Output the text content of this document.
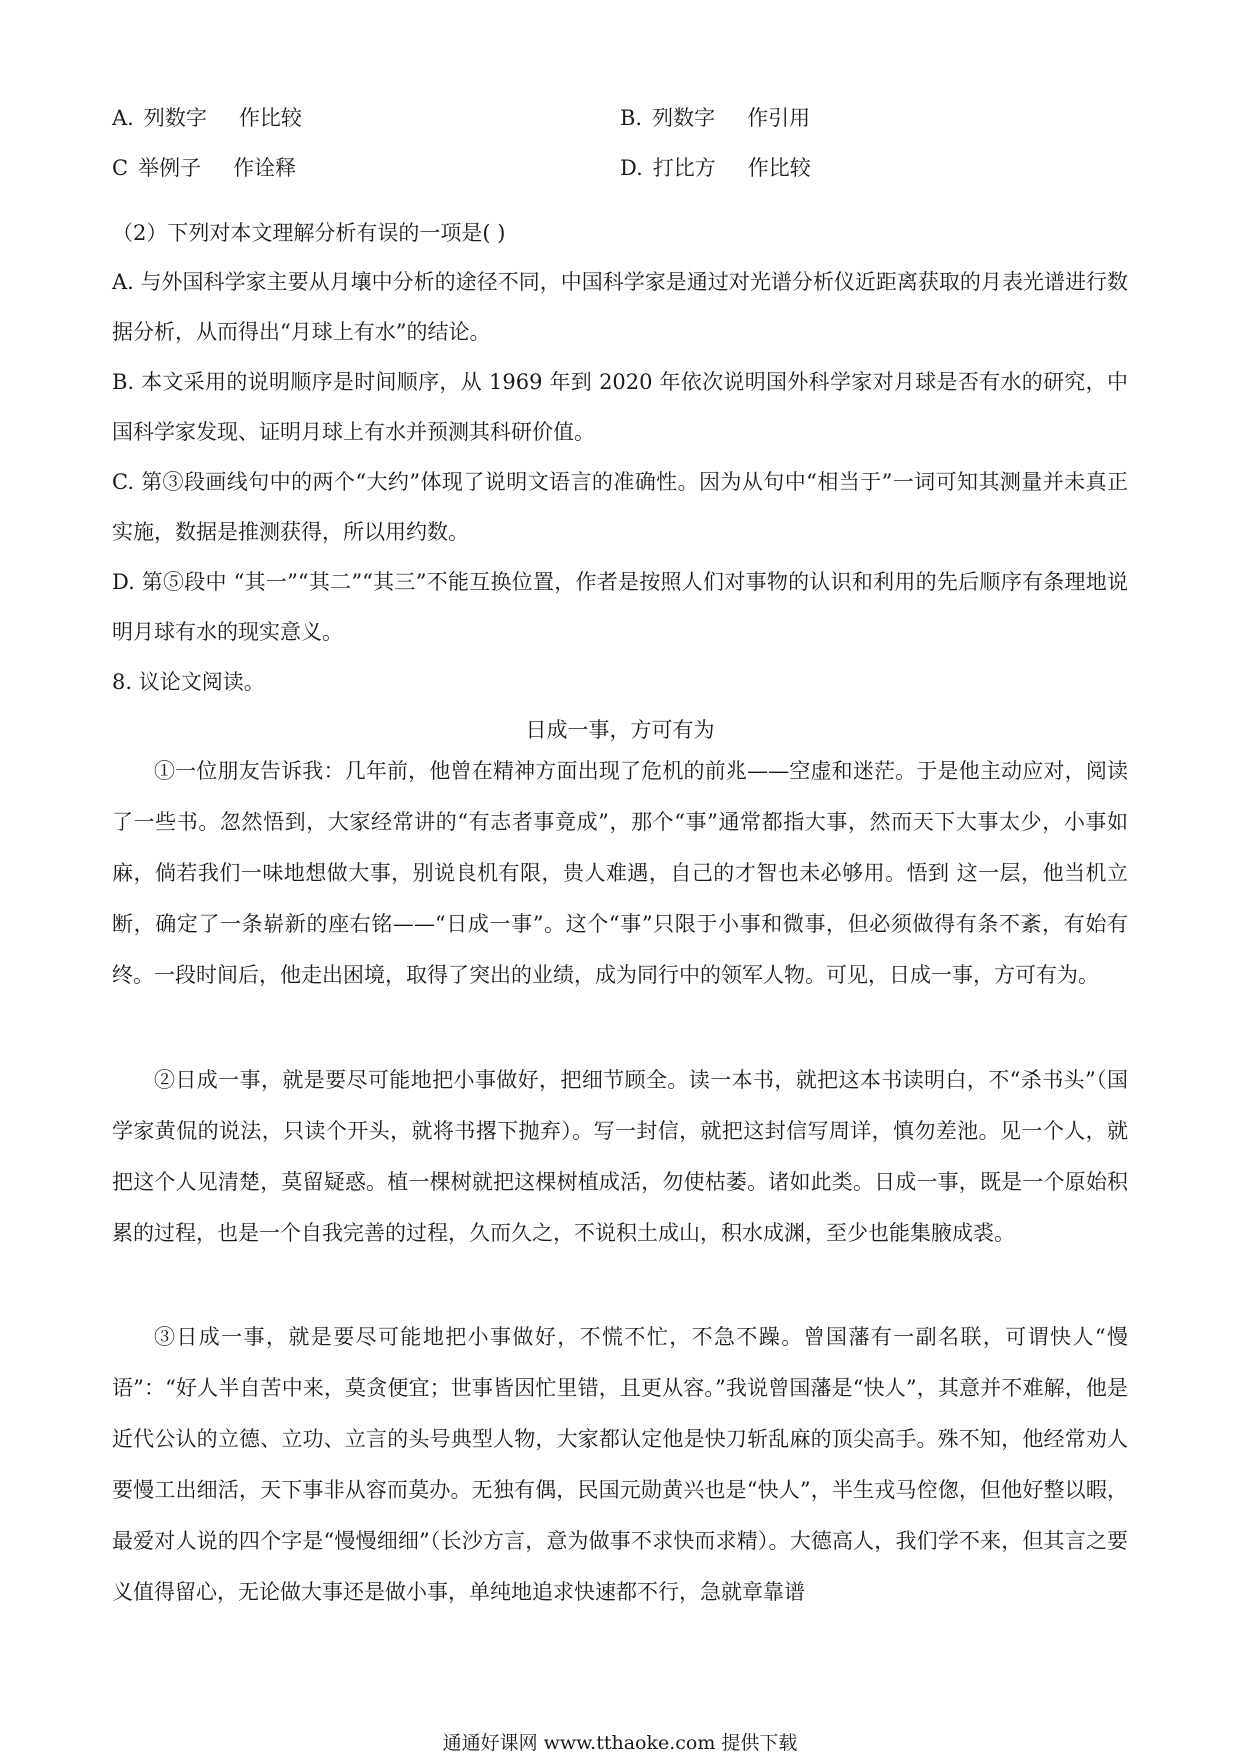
A. 列数字 作比较	B. 列数字 作引用
C 举例子 作诠释	D. 打比方 作比较

（2）下列对本文理解分析有误的一项是( )

A. 与外国科学家主要从月壤中分析的途径不同，中国科学家是通过对光谱分析仪近距离获取的月表光谱进行数据分析，从而得出“月球上有水”的结论。

B. 本文采用的说明顺序是时间顺序，从 1969 年到 2020 年依次说明国外科学家对月球是否有水的研究，中国科学家发现、证明月球上有水并预测其科研价值。

C. 第③段画线句中的两个“大约”体现了说明文语言的准确性。因为从句中“相当于”一词可知其测量并未真正实施，数据是推测获得，所以用约数。

D. 第⑤段中 “其一”“其二”“其三”不能互换位置，作者是按照人们对事物的认识和利用的先后顺序有条理地说明月球有水的现实意义。

8. 议论文阅读。

日成一事，方可有为

①一位朋友告诉我：几年前，他曾在精神方面出现了危机的前兆——空虚和迷茫。于是他主动应对，阅读了一些书。忽然悟到，大家经常讲的“有志者事竟成”，那个“事”通常都指大事，然而天下大事太少，小事如麻，倘若我们一味地想做大事，别说良机有限，贵人难遇，自己的才智也未必够用。悟到 这一层，他当机立断，确定了一条崭新的座右铭——“日成一事”。这个“事”只限于小事和微事，但必须做得有条不紊，有始有终。一段时间后，他走出困境，取得了突出的业绩，成为同行中的领军人物。可见，日成一事，方可有为。

②日成一事，就是要尽可能地把小事做好，把细节顾全。读一本书，就把这本书读明白，不“杀书头”（国学家黄侃的说法，只读个开头，就将书撂下抛弃）。写一封信，就把这封信写周详，慎勿差池。见一个人，就把这个人见清楚，莫留疑惑。植一棵树就把这棵树植成活，勿使枯萎。诸如此类。日成一事，既是一个原始积累的过程，也是一个自我完善的过程，久而久之，不说积土成山，积水成渊，至少也能集腋成裘。

③日成一事，就是要尽可能地把小事做好，不慌不忙，不急不躁。曾国藩有一副名联，可谓快人“慢语”：“好人半自苦中来，莫贪便宜；世事皆因忙里错，且更从容。”我说曾国藩是“快人”，其意并不难解，他是近代公认的立德、立功、立言的头号典型人物，大家都认定他是快刀斩乱麻的顶尖高手。殊不知，他经常劝人要慢工出细活，天下事非从容而莫办。无独有偶，民国元勋黄兴也是“快人”，半生戎马倥偬，但他好整以暇，最爱对人说的四个字是“慢慢细细”（长沙方言，意为做事不求快而求精）。大德高人，我们学不来，但其言之要义值得留心，无论做大事还是做小事，单纯地追求快速都不行，急就章靠谱

通通好课网 www.tthaoke.com 提供下载
